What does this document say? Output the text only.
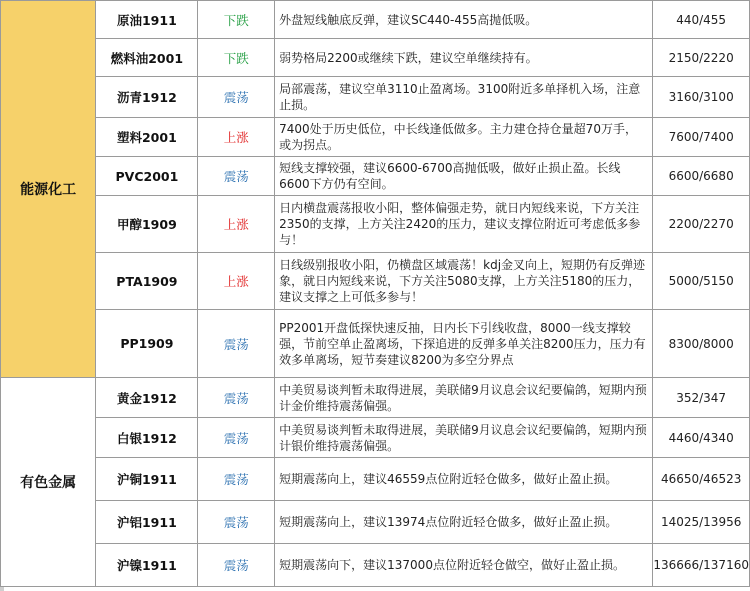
能源化工	原油1911	下跌	外盘短线触底反弹，建议SC440-455高抛低吸。	440/455
	燃料油2001	下跌	弱势格局2200或继续下跌，建议空单继续持有。	2150/2220
	沥青1912	震荡	局部震荡，建议空单3110止盈离场。3100附近多单择机入场，注意止损。	3160/3100
	塑料2001	上涨	7400处于历史低位，中长线逢低做多。主力建仓持仓量超70万手，或为拐点。	7600/7400
	PVC2001	震荡	短线支撑较强，建议6600-6700高抛低吸，做好止损止盈。长线6600下方仍有空间。	6600/6680
	甲醇1909	上涨	日内横盘震荡报收小阳，整体偏强走势，就日内短线来说，下方关注2350的支撑，上方关注2420的压力，建议支撑位附近可考虑低多参与！	2200/2270
	PTA1909	上涨	日线级别报收小阳，仍横盘区域震荡！kdj金叉向上，短期仍有反弹迹象，就日内短线来说，下方关注5080支撑，上方关注5180的压力，建议支撑之上可低多参与！	5000/5150
	PP1909	震荡	PP2001开盘低探快速反抽，日内长下引线收盘，8000一线支撑较强，节前空单止盈离场，下探追进的反弹多单关注8200压力，压力有效多单离场，短节奏建议8200为多空分界点	8300/8000
有色金属	黄金1912	震荡	中美贸易谈判暂未取得进展，美联储9月议息会议纪要偏鸽，短期内预计金价维持震荡偏强。	352/347
	白银1912	震荡	中美贸易谈判暂未取得进展，美联储9月议息会议纪要偏鸽，短期内预计银价维持震荡偏强。	4460/4340
	沪铜1911	震荡	短期震荡向上，建议46559点位附近轻仓做多，做好止盈止损。	46650/46523
	沪铝1911	震荡	短期震荡向上，建议13974点位附近轻仓做多，做好止盈止损。	14025/13956
	沪镍1911	震荡	短期震荡向下，建议137000点位附近轻仓做空，做好止盈止损。	136666/137160
